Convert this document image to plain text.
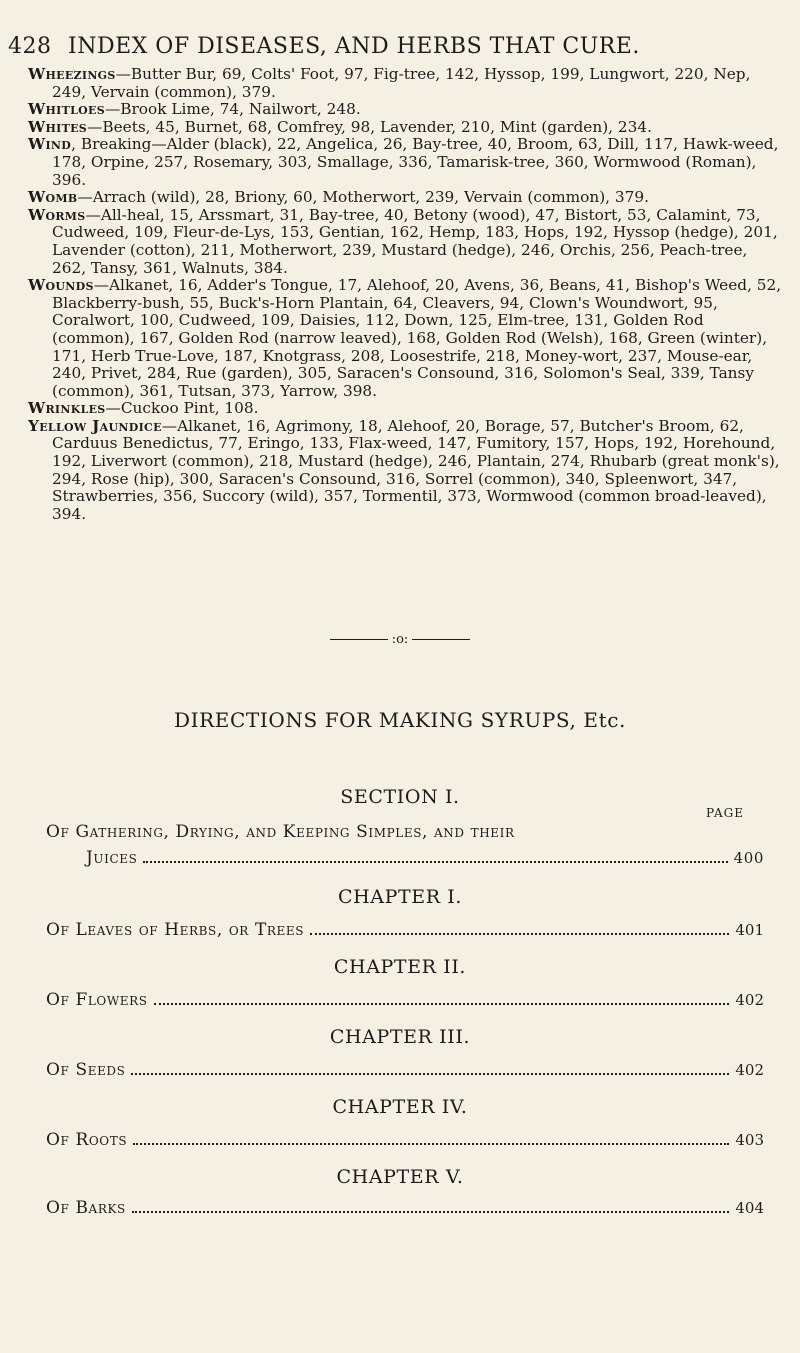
428 INDEX OF DISEASES, AND HERBS THAT CURE.

Wheezings—Butter Bur, 69, Colts' Foot, 97, Fig-tree, 142, Hyssop, 199, Lungwort, 220, Nep, 249, Vervain (common), 379.

Whitloes—Brook Lime, 74, Nailwort, 248.

Whites—Beets, 45, Burnet, 68, Comfrey, 98, Lavender, 210, Mint (garden), 234.

Wind, Breaking—Alder (black), 22, Angelica, 26, Bay-tree, 40, Broom, 63, Dill, 117, Hawk-weed, 178, Orpine, 257, Rosemary, 303, Smallage, 336, Tamarisk-tree, 360, Wormwood (Roman), 396.

Womb—Arrach (wild), 28, Briony, 60, Motherwort, 239, Vervain (common), 379.

Worms—All-heal, 15, Arssmart, 31, Bay-tree, 40, Betony (wood), 47, Bistort, 53, Calamint, 73, Cudweed, 109, Fleur-de-Lys, 153, Gentian, 162, Hemp, 183, Hops, 192, Hyssop (hedge), 201, Lavender (cotton), 211, Motherwort, 239, Mustard (hedge), 246, Orchis, 256, Peach-tree, 262, Tansy, 361, Walnuts, 384.

Wounds—Alkanet, 16, Adder's Tongue, 17, Alehoof, 20, Avens, 36, Beans, 41, Bishop's Weed, 52, Blackberry-bush, 55, Buck's-Horn Plantain, 64, Cleavers, 94, Clown's Woundwort, 95, Coralwort, 100, Cudweed, 109, Daisies, 112, Down, 125, Elm-tree, 131, Golden Rod (common), 167, Golden Rod (narrow leaved), 168, Golden Rod (Welsh), 168, Green (winter), 171, Herb True-Love, 187, Knotgrass, 208, Loosestrife, 218, Money-wort, 237, Mouse-ear, 240, Privet, 284, Rue (garden), 305, Saracen's Consound, 316, Solomon's Seal, 339, Tansy (common), 361, Tutsan, 373, Yarrow, 398.

Wrinkles—Cuckoo Pint, 108.

Yellow Jaundice—Alkanet, 16, Agrimony, 18, Alehoof, 20, Borage, 57, Butcher's Broom, 62, Carduus Benedictus, 77, Eringo, 133, Flax-weed, 147, Fumitory, 157, Hops, 192, Horehound, 192, Liverwort (common), 218, Mustard (hedge), 246, Plantain, 274, Rhubarb (great monk's), 294, Rose (hip), 300, Saracen's Consound, 316, Sorrel (common), 340, Spleenwort, 347, Strawberries, 356, Succory (wild), 357, Tormentil, 373, Wormwood (common broad-leaved), 394.

:o:
DIRECTIONS FOR MAKING SYRUPS, Etc.
SECTION I.
PAGE
Of Gathering, Drying, and Keeping Simples, and their
Juices	400
CHAPTER I.
Of Leaves of Herbs, or Trees	401
CHAPTER II.
Of Flowers	402
CHAPTER III.
Of Seeds	402
CHAPTER IV.
Of Roots	403
CHAPTER V.
Of Barks	404
